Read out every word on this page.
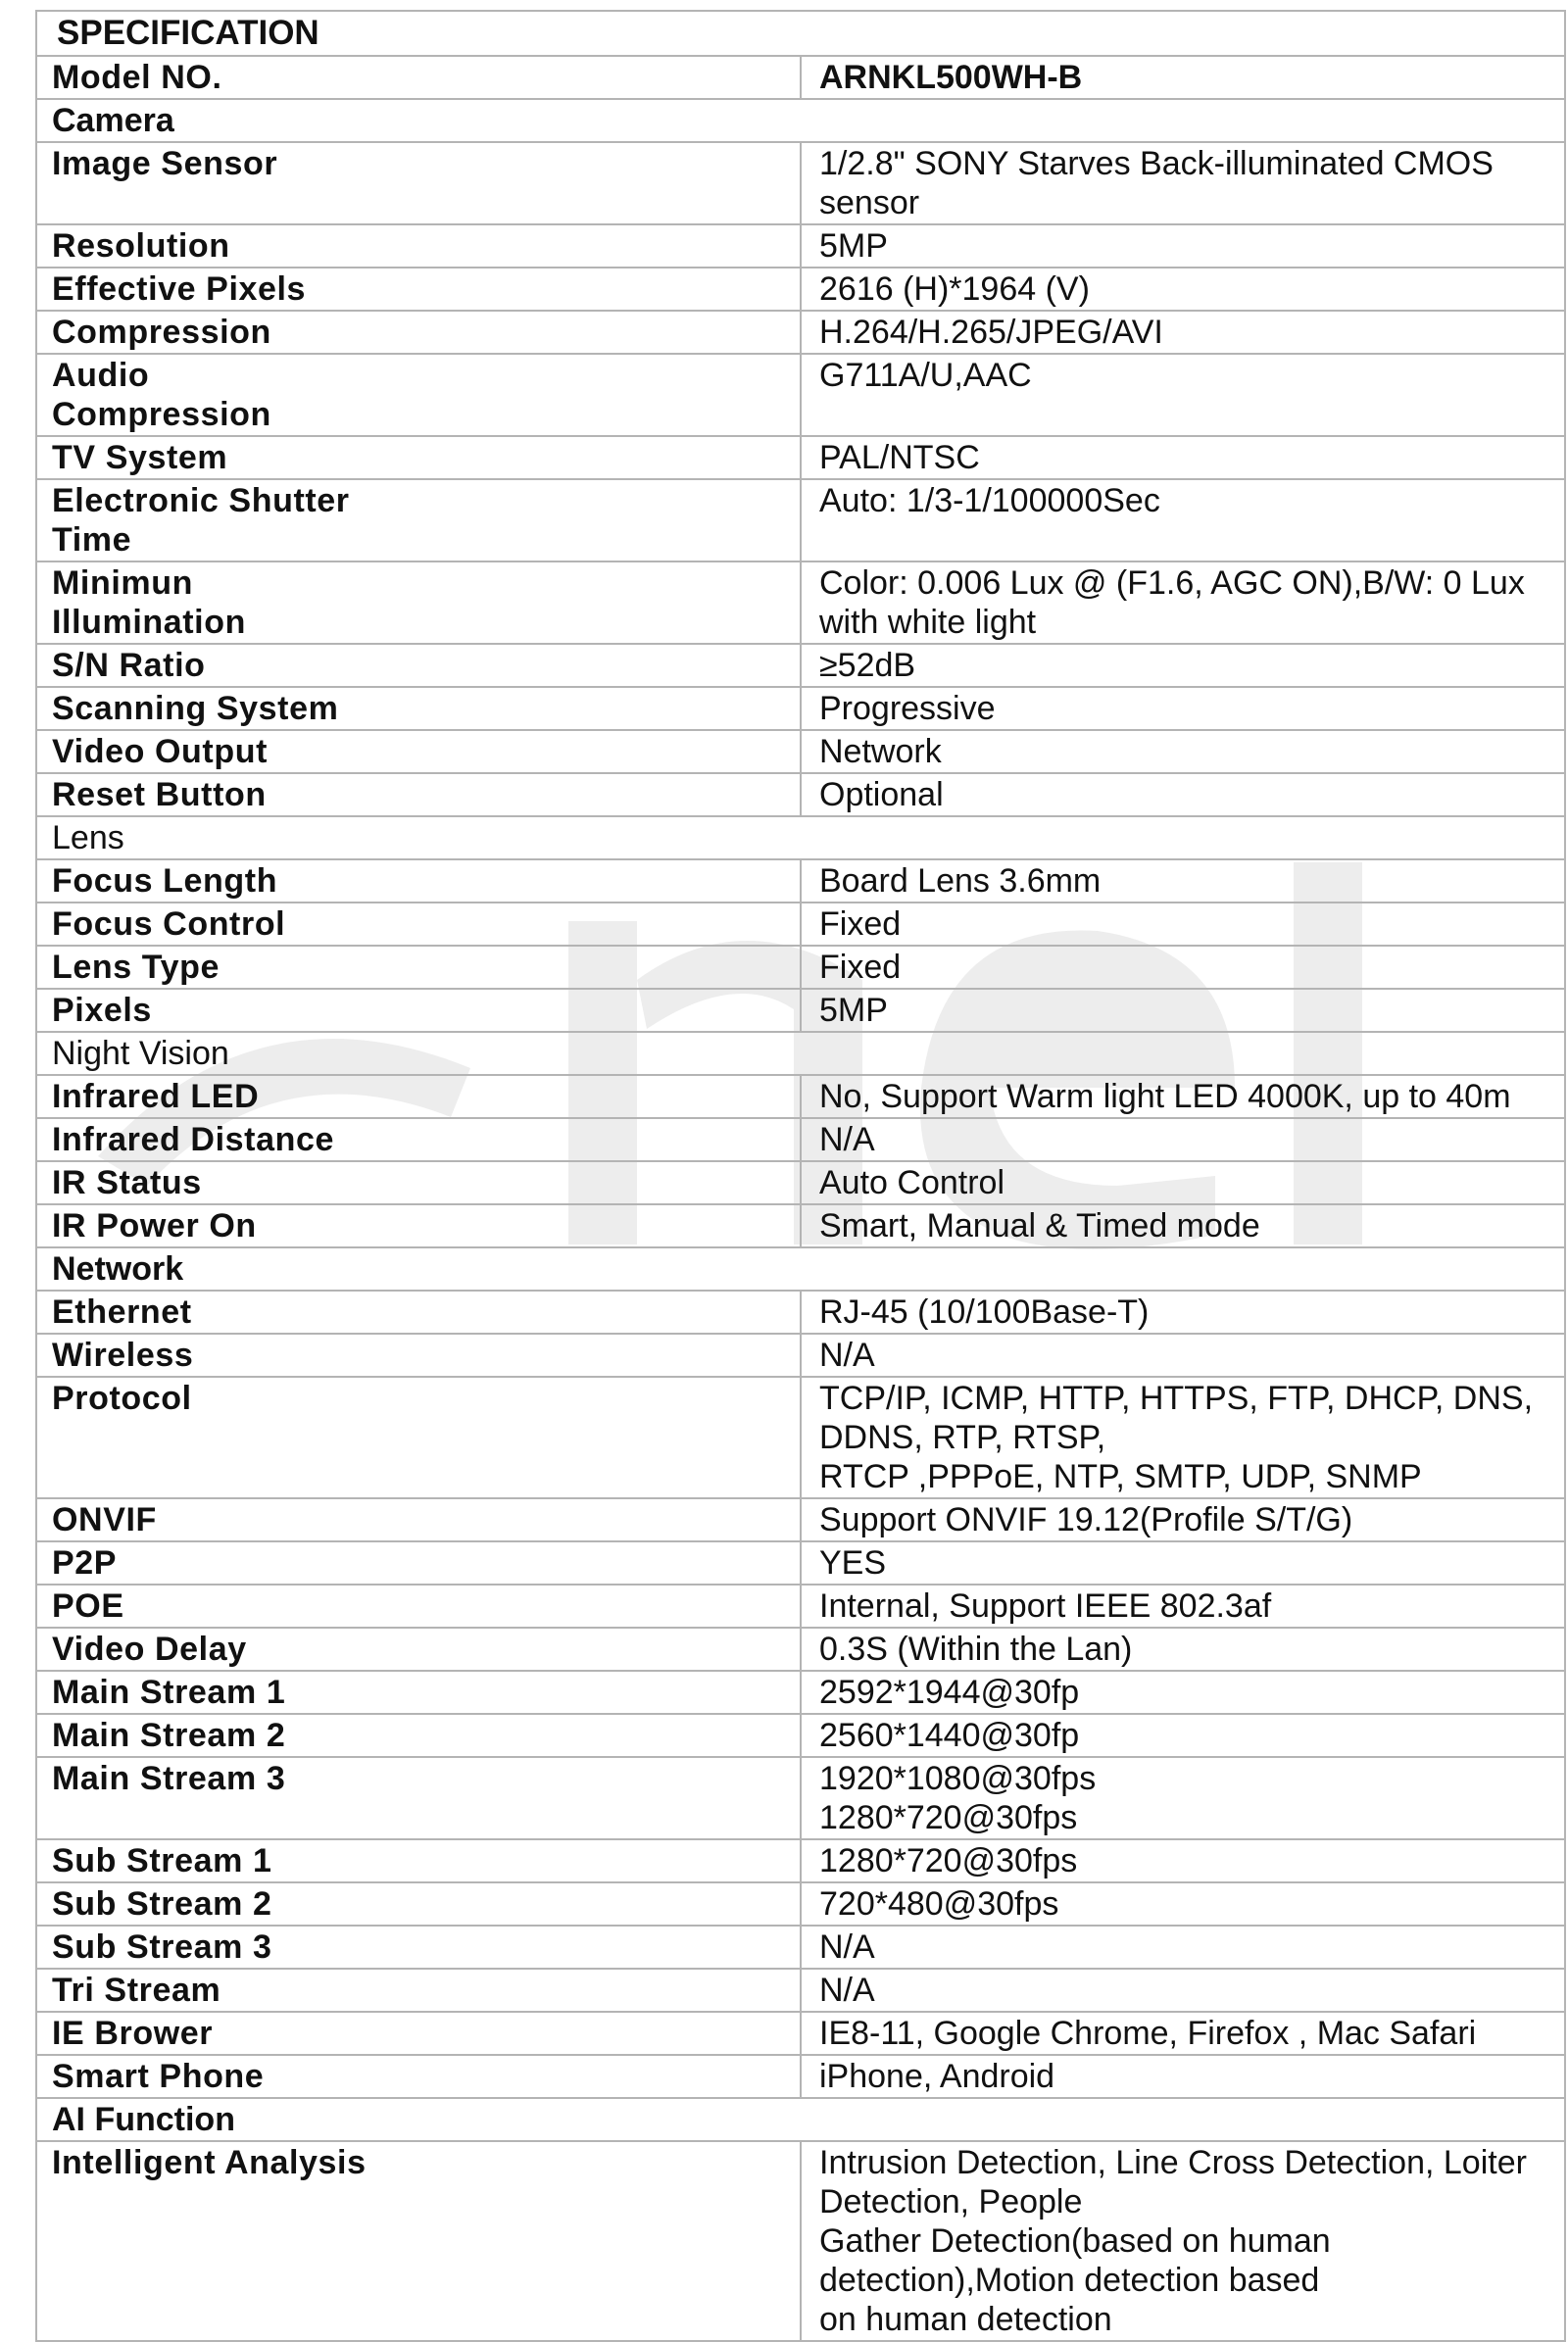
SPECIFICATION	

Model NO.	ARNKL500WH-B

Camera	

Image Sensor	1/2.8" SONY Starves Back-illuminated CMOS sensor

Resolution	5MP

Effective Pixels	2616 (H)*1964 (V)

Compression	H.264/H.265/JPEG/AVI

Audio
Compression	G711A/U,AAC

TV System	PAL/NTSC

Electronic Shutter
Time	Auto: 1/3-1/100000Sec

Minimun
Illumination	Color: 0.006 Lux @ (F1.6, AGC ON),B/W: 0 Lux with white light

S/N Ratio	≥52dB

Scanning System	Progressive

Video Output	Network

Reset Button	Optional

Lens	

Focus Length	Board Lens 3.6mm

Focus Control	Fixed

Lens Type	Fixed

Pixels	5MP

Night Vision	

Infrared LED	No, Support Warm light LED 4000K, up to 40m

Infrared Distance	N/A

IR Status	Auto Control

IR Power On	Smart, Manual & Timed mode

Network	

Ethernet	RJ-45 (10/100Base-T)

Wireless	N/A

Protocol	TCP/IP, ICMP, HTTP, HTTPS, FTP, DHCP, DNS, DDNS, RTP, RTSP,
RTCP ,PPPoE, NTP, SMTP, UDP, SNMP

ONVIF	Support ONVIF 19.12(Profile S/T/G)

P2P	YES

POE	Internal, Support IEEE 802.3af

Video Delay	0.3S (Within the Lan)

Main Stream 1	2592*1944@30fp

Main Stream 2	2560*1440@30fp

Main Stream 3	1920*1080@30fps
1280*720@30fps

Sub Stream 1	1280*720@30fps

Sub Stream 2	720*480@30fps

Sub Stream 3	N/A

Tri Stream	N/A

IE Brower	IE8-11, Google Chrome, Firefox , Mac Safari

Smart Phone	iPhone, Android

AI Function	

Intelligent Analysis	Intrusion Detection, Line Cross Detection, Loiter Detection, People
Gather Detection(based on human detection),Motion detection based
on human detection
